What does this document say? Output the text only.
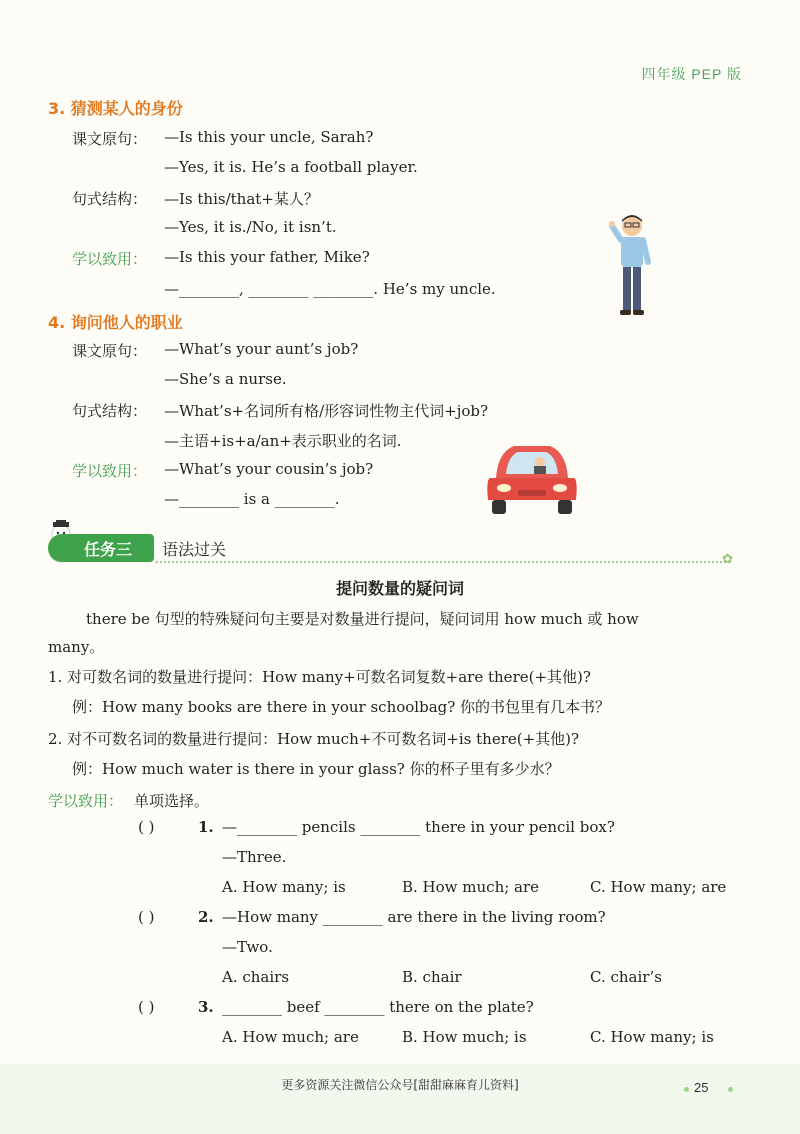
四年级 PEP 版
3. 猜测某人的身份
课文原句： —Is this your uncle, Sarah?
—Yes, it is. He’s a football player.
句式结构： —Is this/that+某人？
—Yes, it is./No, it isn’t.
学以致用： —Is this your father, Mike?
—________, ________ ________. He’s my uncle.
4. 询问他人的职业
课文原句： —What’s your aunt’s job?
—She’s a nurse.
句式结构： —What’s+名词所有格/形容词性物主代词+job?
—主语+is+a/an+表示职业的名词.
学以致用： —What’s your cousin’s job?
—________ is a ________.
任务三 语法过关
✿
提问数量的疑问词
there be 句型的特殊疑问句主要是对数量进行提问，疑问词用 how much 或 how
many。
1. 对可数名词的数量进行提问：How many+可数名词复数+are there(+其他)?
例：How many books are there in your schoolbag? 你的书包里有几本书？
2. 对不可数名词的数量进行提问：How much+不可数名词+is there(+其他)?
例：How much water is there in your glass? 你的杯子里有多少水？
学以致用： 单项选择。
( )	1. —________ pencils ________ there in your pencil box?
—Three.
A. How many; is	B. How much; are	C. How many; are
( )	2. —How many ________ are there in the living room?
—Two.
A. chairs	B. chair	C. chair’s
( )	3. ________ beef ________ there on the plate?
A. How much; are	B. How much; is	C. How many; is
更多资源关注微信公众号[甜甜麻麻育儿资料]	25
